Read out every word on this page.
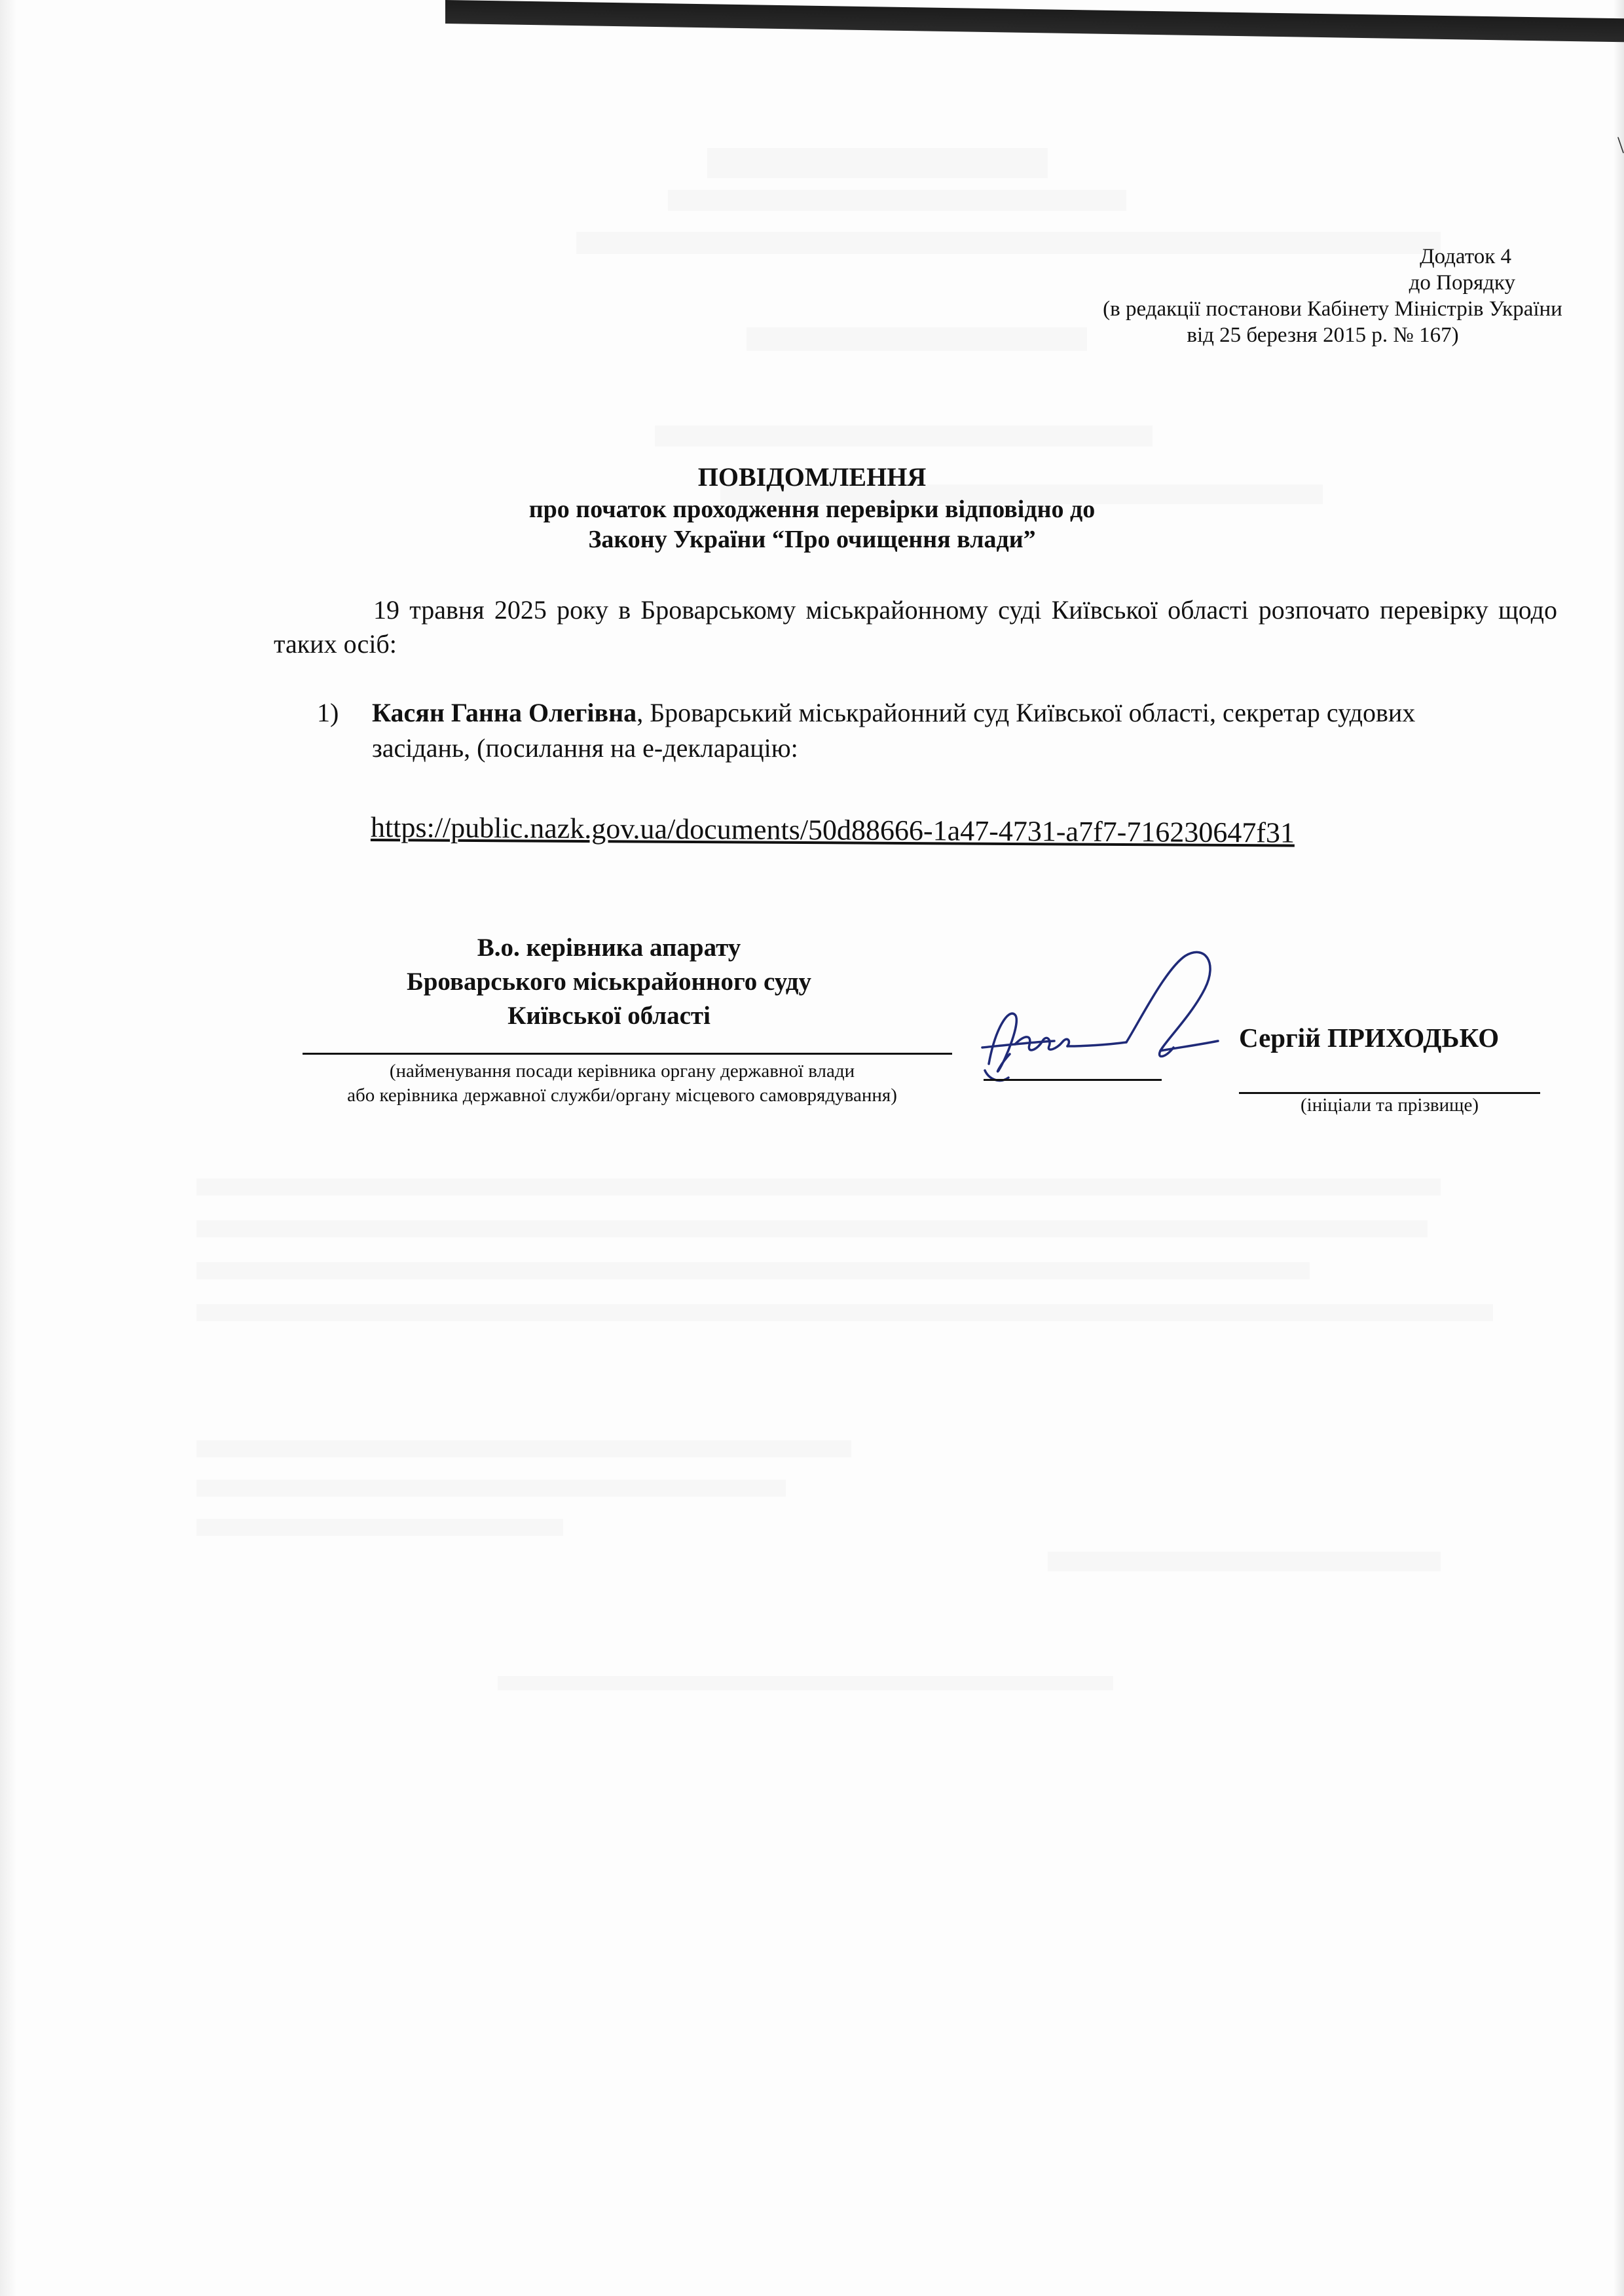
\
Додаток 4
до Порядку
(в редакції постанови Кабінету Міністрів України
від 25 березня 2015 р. № 167)
ПОВІДОМЛЕННЯ
про початок проходження перевірки відповідно до
Закону України “Про очищення влади”
19 травня 2025 року в Броварському міськрайонному суді Київської області розпочато перевірку щодо таких осіб:
1) Касян Ганна Олегівна, Броварський міськрайонний суд Київської області, секретар судових засідань, (посилання на е-декларацію:
https://public.nazk.gov.ua/documents/50d88666-1a47-4731-a7f7-716230647f31
В.о. керівника апарату
Броварського міськрайонного суду
Київської області
(найменування посади керівника органу державної влади
або керівника державної служби/органу місцевого самоврядування)
Сергій ПРИХОДЬКО
(ініціали та прізвище)
